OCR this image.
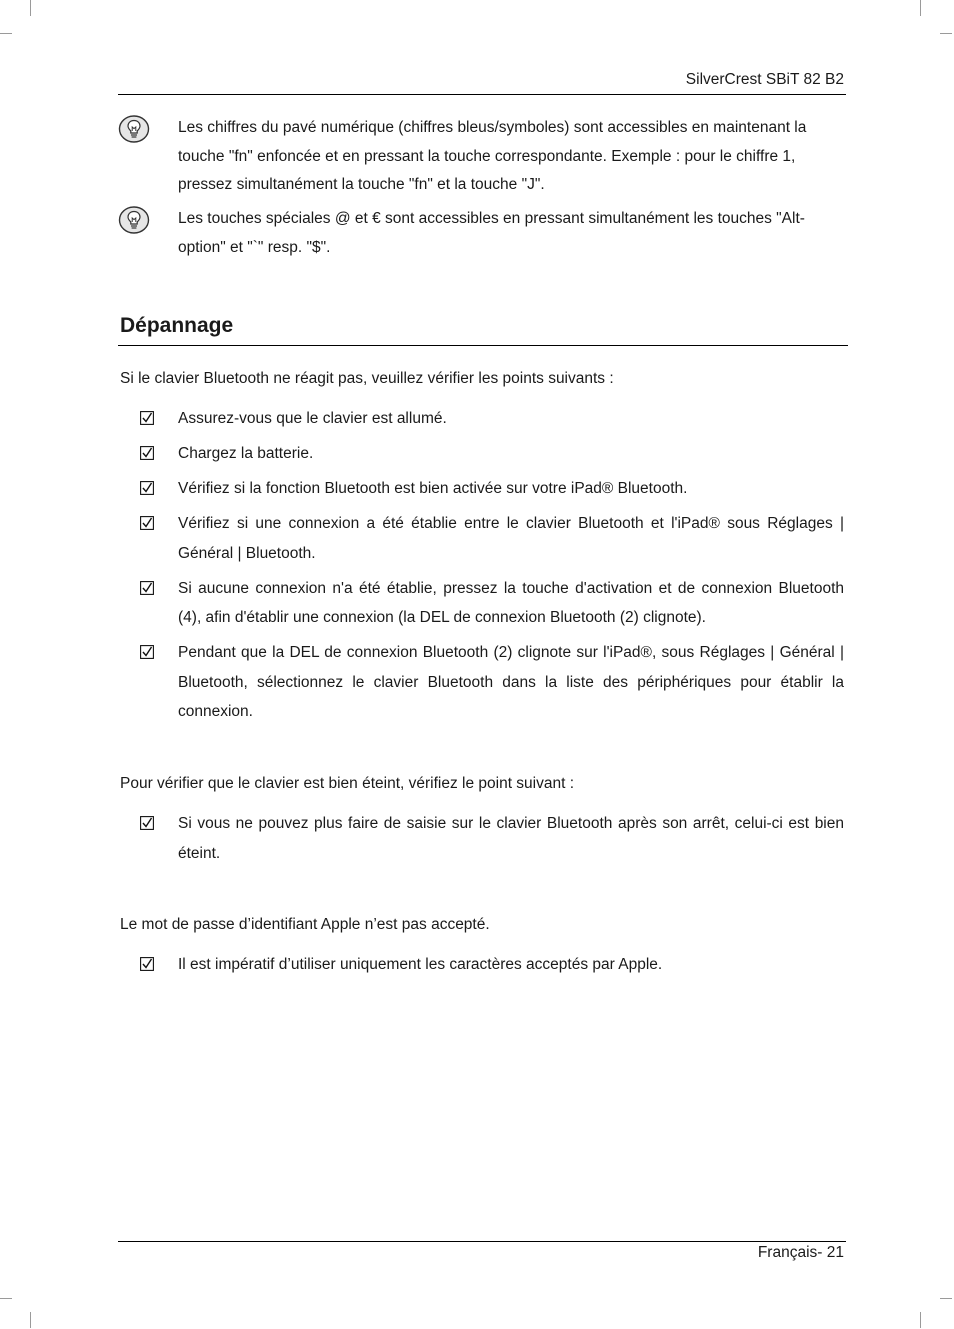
SilverCrest SBiT 82 B2
Les chiffres du pavé numérique (chiffres bleus/symboles) sont accessibles en maintenant la touche "fn" enfoncée et en pressant la touche correspondante. Exemple : pour le chiffre 1, pressez simultanément la touche "fn" et la touche "J".
Les touches spéciales @ et € sont accessibles en pressant simultanément les touches "Alt-option" et "`" resp. "$".
Dépannage
Si le clavier Bluetooth ne réagit pas, veuillez vérifier les points suivants :
Assurez-vous que le clavier est allumé.
Chargez la batterie.
Vérifiez si la fonction Bluetooth est bien activée sur votre iPad® Bluetooth.
Vérifiez si une connexion a été établie entre le clavier Bluetooth et l'iPad® sous Réglages | Général | Bluetooth.
Si aucune connexion n'a été établie, pressez la touche d'activation et de connexion Bluetooth (4), afin d'établir une connexion (la DEL de connexion Bluetooth (2) clignote).
Pendant que la DEL de connexion Bluetooth (2) clignote sur l'iPad®, sous Réglages | Général | Bluetooth, sélectionnez le clavier Bluetooth dans la liste des périphériques pour établir la connexion.
Pour vérifier que le clavier est bien éteint, vérifiez le point suivant :
Si vous ne pouvez plus faire de saisie sur le clavier Bluetooth après son arrêt, celui-ci est bien éteint.
Le mot de passe d’identifiant Apple n’est pas accepté.
Il est impératif d’utiliser uniquement les caractères acceptés par Apple.
Français- 21
